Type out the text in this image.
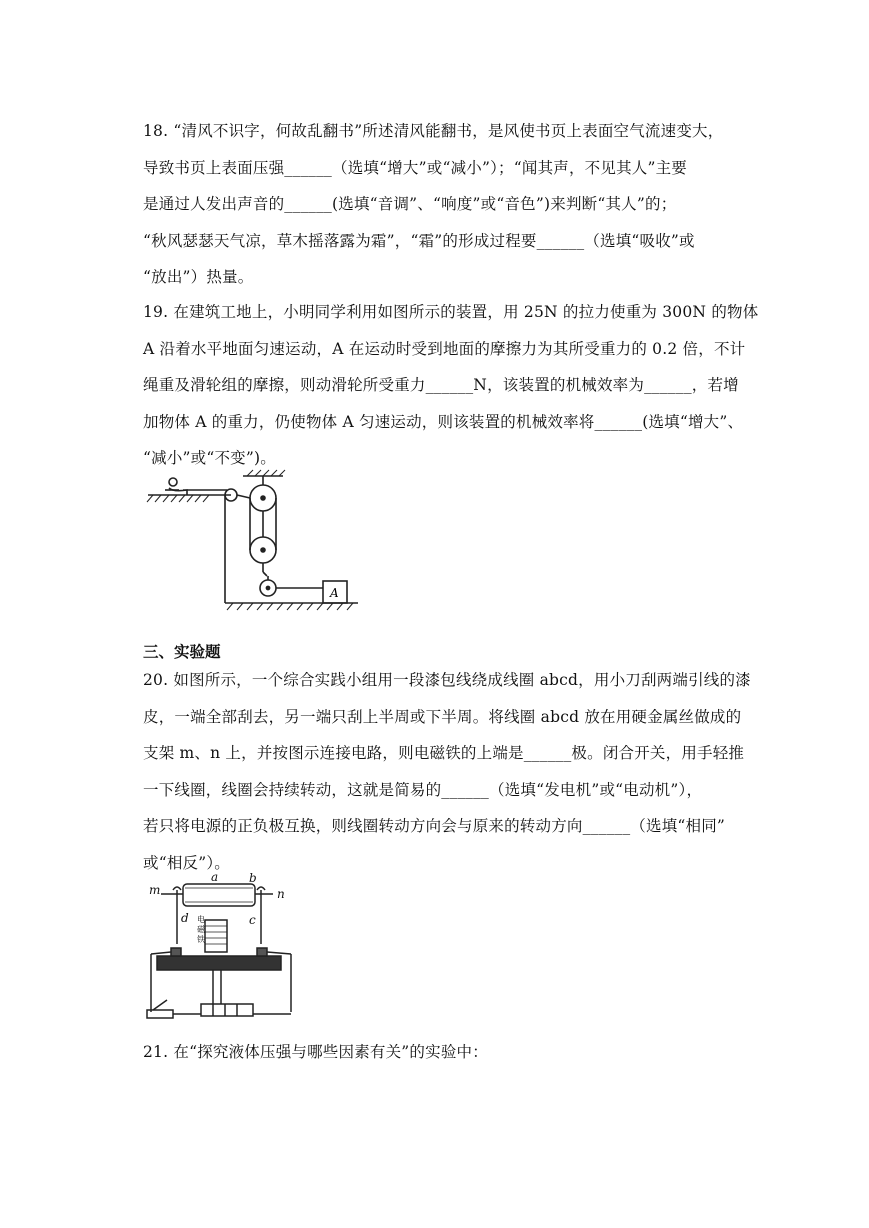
18. “清风不识字，何故乱翻书”所述清风能翻书，是风使书页上表面空气流速变大，

导致书页上表面压强______（选填“增大”或“减小”）；“闻其声，不见其人”主要

是通过人发出声音的______(选填“音调”、“响度”或“音色”)来判断“其人”的；

“秋风瑟瑟天气凉，草木摇落露为霜”，“霜”的形成过程要______（选填“吸收”或

“放出”）热量。

19. 在建筑工地上，小明同学利用如图所示的装置，用 25N 的拉力使重为 300N 的物体

A 沿着水平地面匀速运动，A 在运动时受到地面的摩擦力为其所受重力的 0.2 倍，不计

绳重及滑轮组的摩擦，则动滑轮所受重力______N，该装置的机械效率为______，若增

加物体 A 的重力，仍使物体 A 匀速运动，则该装置的机械效率将______(选填“增大”、

“减小”或“不变”)。

A
三、实验题

20. 如图所示，一个综合实践小组用一段漆包线绕成线圈 abcd，用小刀刮两端引线的漆

皮，一端全部刮去，另一端只刮上半周或下半周。将线圈 abcd 放在用硬金属丝做成的

支架 m、n 上，并按图示连接电路，则电磁铁的上端是______极。闭合开关，用手轻推

一下线圈，线圈会持续转动，这就是简易的______（选填“发电机”或“电动机”），

若只将电源的正负极互换，则线圈转动方向会与原来的转动方向______（选填“相同”

或“相反”）。

m
a	b
n
d	c
电
磁
铁

21. 在“探究液体压强与哪些因素有关”的实验中：
